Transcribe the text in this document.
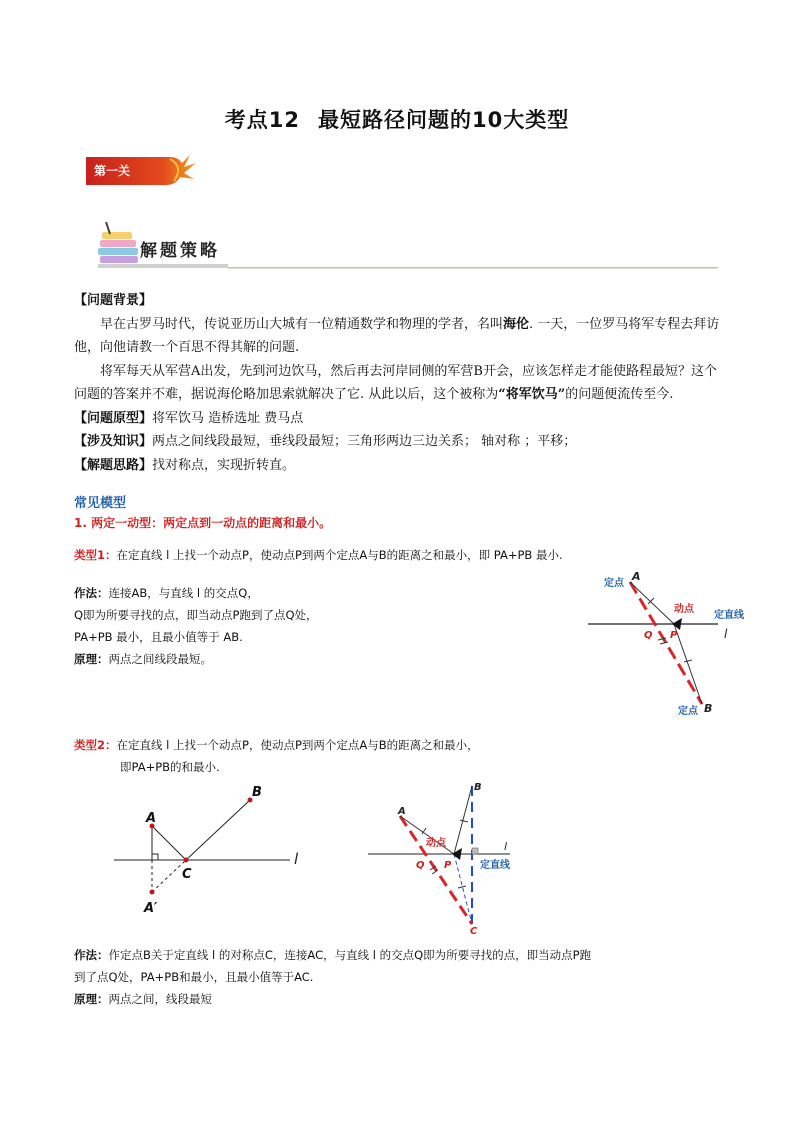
考点12 最短路径问题的10大类型
第一关
解题策略

【问题背景】

早在古罗马时代，传说亚历山大城有一位精通数学和物理的学者，名叫海伦. 一天，一位罗马将军专程去拜访他，向他请教一个百思不得其解的问题.

将军每天从军营A出发，先到河边饮马，然后再去河岸同侧的军营B开会，应该怎样走才能使路程最短？这个问题的答案并不难，据说海伦略加思索就解决了它. 从此以后，这个被称为“将军饮马”的问题便流传至今.

【问题原型】将军饮马 造桥选址 费马点

【涉及知识】两点之间线段最短，垂线段最短；三角形两边三边关系； 轴对称 ；平移；

【解题思路】找对称点，实现折转直。

常见模型
1. 两定一动型：两定点到一动点的距离和最小。

类型1：在定直线 l 上找一个动点P，使动点P到两个定点A与B的距离之和最小，即 PA+PB 最小.

作法：连接AB，与直线 l 的交点Q，

Q即为所要寻找的点，即当动点P跑到了点Q处，

PA+PB 最小，且最小值等于 AB.

原理：两点之间线段最短。

A
定点
动点
定直线
l
Q P
定点 B

类型2：在定直线 l 上找一个动点P，使动点P到两个定点A与B的距离之和最小，

即PA+PB的和最小.

A
B
C
A′
l
B
A
动点	l
定直线
Q P
C

作法：作定点B关于定直线 l 的对称点C，连接AC，与直线 l 的交点Q即为所要寻找的点，即当动点P跑

到了点Q处，PA+PB和最小，且最小值等于AC.

原理：两点之间，线段最短
